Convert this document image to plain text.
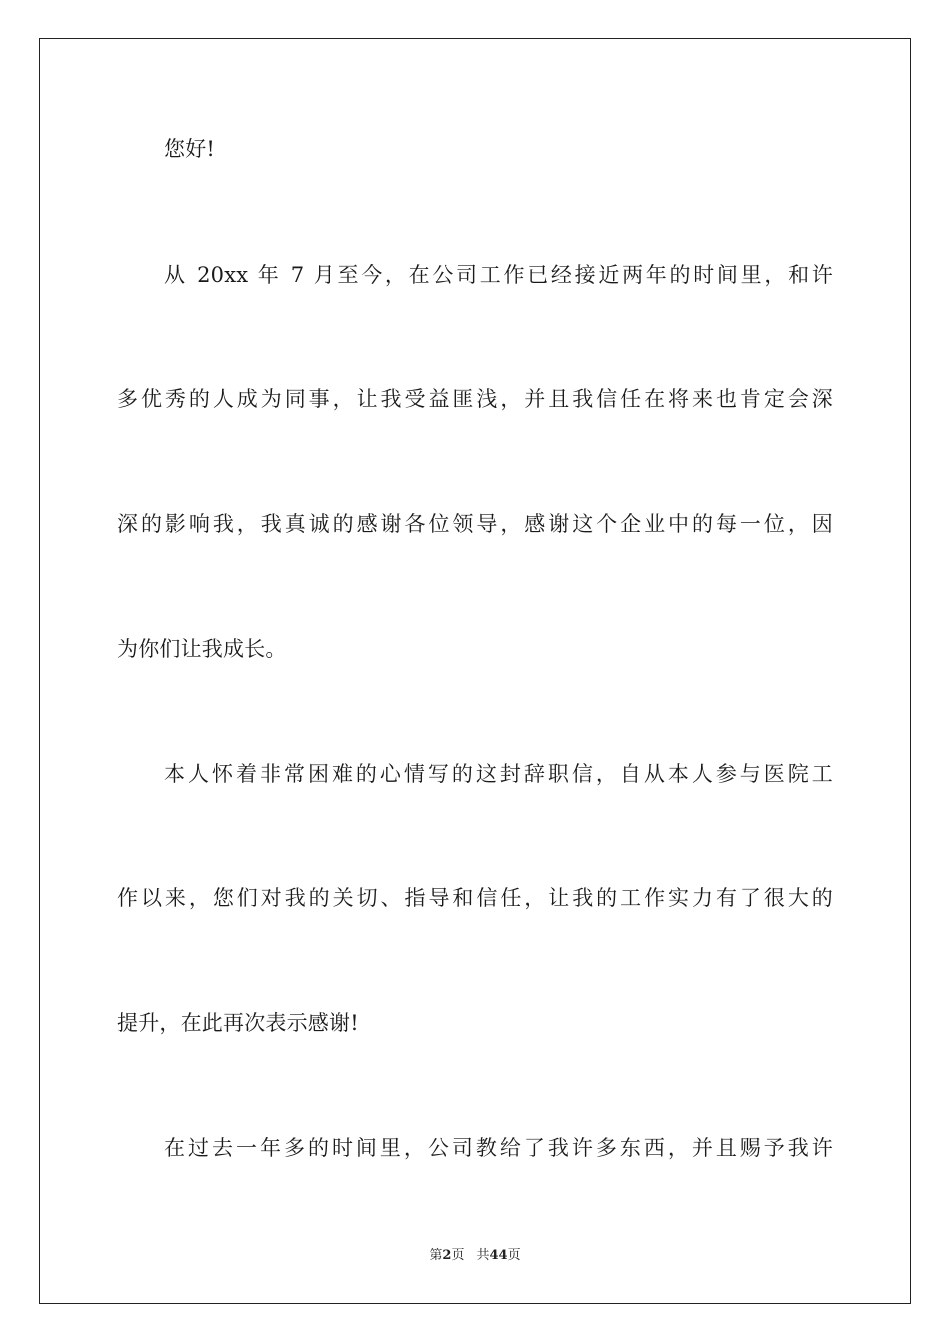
您好!
从 20xx 年 7 月至今，在公司工作已经接近两年的时间里，和许
多优秀的人成为同事，让我受益匪浅，并且我信任在将来也肯定会深
深的影响我，我真诚的感谢各位领导，感谢这个企业中的每一位，因
为你们让我成长。
本人怀着非常困难的心情写的这封辞职信，自从本人参与医院工
作以来，您们对我的关切、指导和信任，让我的工作实力有了很大的
提升，在此再次表示感谢!
在过去一年多的时间里，公司教给了我许多东西，并且赐予我许
第2页 共44页
